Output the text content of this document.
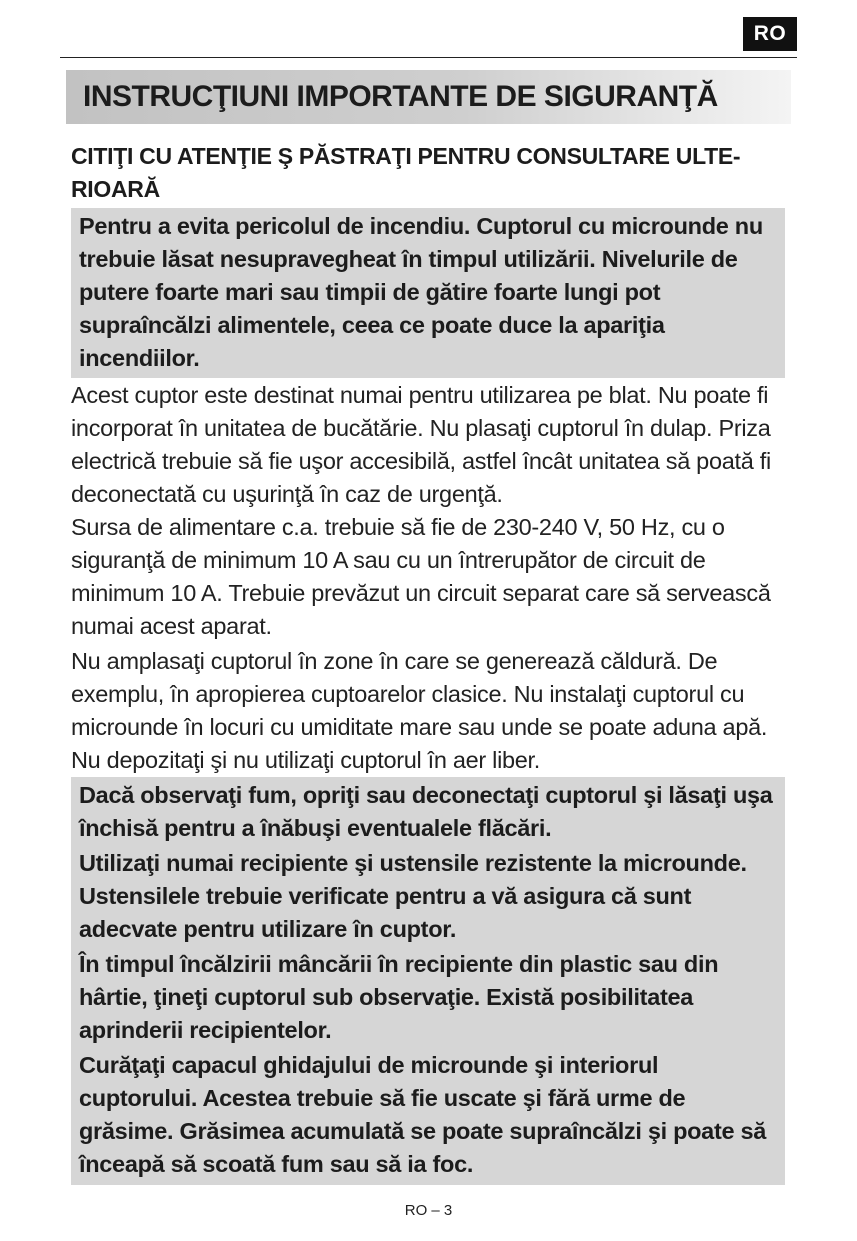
RO
INSTRUCŢIUNI IMPORTANTE DE SIGURANŢĂ
CITIŢI CU ATENŢIE Ş PĂSTRAŢI PENTRU CONSULTARE ULTE-RIOARĂ

Pentru a evita pericolul de incendiu. Cuptorul cu microunde nu trebuie lăsat nesupravegheat în timpul utilizării. Nivelurile de putere foarte mari sau timpii de gătire foarte lungi pot supraîncălzi alimentele, ceea ce poate duce la apariţia incendiilor.

Acest cuptor este destinat numai pentru utilizarea pe blat. Nu poate fi incorporat în unitatea de bucătărie. Nu plasaţi cuptorul în dulap. Priza electrică trebuie să fie uşor accesibilă, astfel încât unitatea să poată fi deconectată cu uşurinţă în caz de urgenţă.

Sursa de alimentare c.a. trebuie să fie de 230-240 V, 50 Hz, cu o siguranţă de minimum 10 A sau cu un întrerupător de circuit de minimum 10 A. Trebuie prevăzut un circuit separat care să servească numai acest aparat.

Nu amplasaţi cuptorul în zone în care se generează căldură. De exemplu, în apropierea cuptoarelor clasice. Nu instalaţi cuptorul cu microunde în locuri cu umiditate mare sau unde se poate aduna apă. Nu depozitaţi şi nu utilizaţi cuptorul în aer liber.

Dacă observaţi fum, opriţi sau deconectaţi cuptorul şi lăsaţi uşa închisă pentru a înăbuşi eventualele flăcări.

Utilizaţi numai recipiente şi ustensile rezistente la microunde. Ustensilele trebuie verificate pentru a vă asigura că sunt adecvate pentru utilizare în cuptor.

În timpul încălzirii mâncării în recipiente din plastic sau din hârtie, ţineţi cuptorul sub observaţie. Există posibilitatea aprinderii recipientelor.

Curăţaţi capacul ghidajului de microunde şi interiorul cuptorului. Acestea trebuie să fie uscate şi fără urme de grăsime. Grăsimea acumulată se poate supraîncălzi şi poate să înceapă să scoată fum sau să ia foc.

RO – 3
